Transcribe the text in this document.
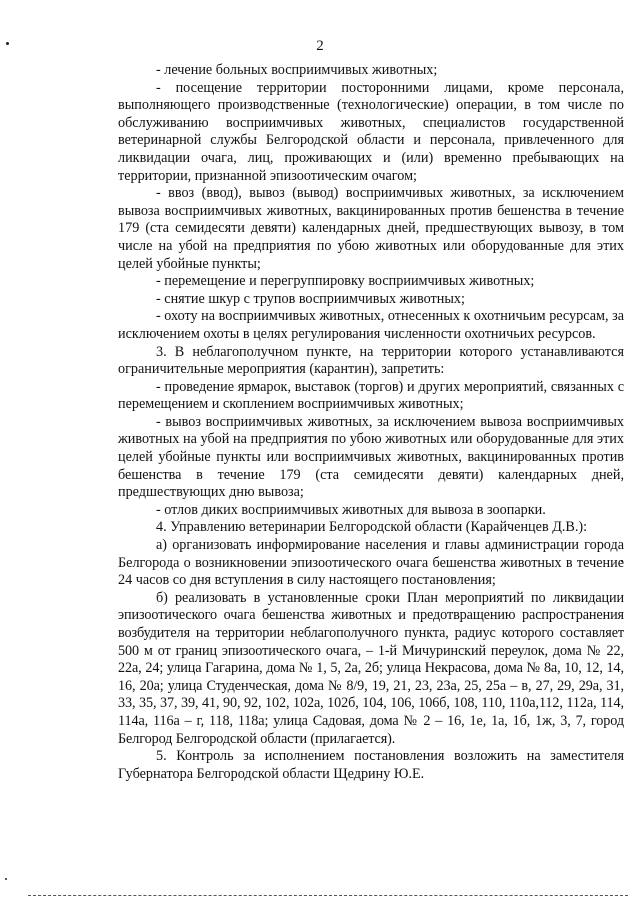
2

- лечение больных восприимчивых животных;

- посещение территории посторонними лицами, кроме персонала, выполняющего производственные (технологические) операции, в том числе по обслуживанию восприимчивых животных, специалистов государственной ветеринарной службы Белгородской области и персонала, привлеченного для ликвидации очага, лиц, проживающих и (или) временно пребывающих на территории, признанной эпизоотическим очагом;

- ввоз (ввод), вывоз (вывод) восприимчивых животных, за исключением вывоза восприимчивых животных, вакцинированных против бешенства в течение 179 (ста семидесяти девяти) календарных дней, предшествующих вывозу, в том числе на убой на предприятия по убою животных или оборудованные для этих целей убойные пункты;

- перемещение и перегруппировку восприимчивых животных;

- снятие шкур с трупов восприимчивых животных;

- охоту на восприимчивых животных, отнесенных к охотничьим ресурсам, за исключением охоты в целях регулирования численности охотничьих ресурсов.

3. В неблагополучном пункте, на территории которого устанавливаются ограничительные мероприятия (карантин), запретить:

- проведение ярмарок, выставок (торгов) и других мероприятий, связанных с перемещением и скоплением восприимчивых животных;

- вывоз восприимчивых животных, за исключением вывоза восприимчивых животных на убой на предприятия по убою животных или оборудованные для этих целей убойные пункты или восприимчивых животных, вакцинированных против бешенства в течение 179 (ста семидесяти девяти) календарных дней, предшествующих дню вывоза;

- отлов диких восприимчивых животных для вывоза в зоопарки.

4. Управлению ветеринарии Белгородской области (Карайченцев Д.В.):

а) организовать информирование населения и главы администрации города Белгорода о возникновении эпизоотического очага бешенства животных в течение 24 часов со дня вступления в силу настоящего постановления;

б) реализовать в установленные сроки План мероприятий по ликвидации эпизоотического очага бешенства животных и предотвращению распространения возбудителя на территории неблагополучного пункта, радиус которого составляет 500 м от границ эпизоотического очага, – 1-й Мичуринский переулок, дома № 22, 22а, 24; улица Гагарина, дома № 1, 5, 2а, 2б; улица Некрасова, дома № 8а, 10, 12, 14, 16, 20а; улица Студенческая, дома № 8/9, 19, 21, 23, 23а, 25, 25а – в, 27, 29, 29а, 31, 33, 35, 37, 39, 41, 90, 92, 102, 102а, 102б, 104, 106, 106б, 108, 110, 110а,112, 112а, 114, 114а, 116а – г, 118, 118а; улица Садовая, дома № 2 – 16, 1е, 1а, 1б, 1ж, 3, 7, город Белгород Белгородской области (прилагается).

5. Контроль за исполнением постановления возложить на заместителя Губернатора Белгородской области Щедрину Ю.Е.
